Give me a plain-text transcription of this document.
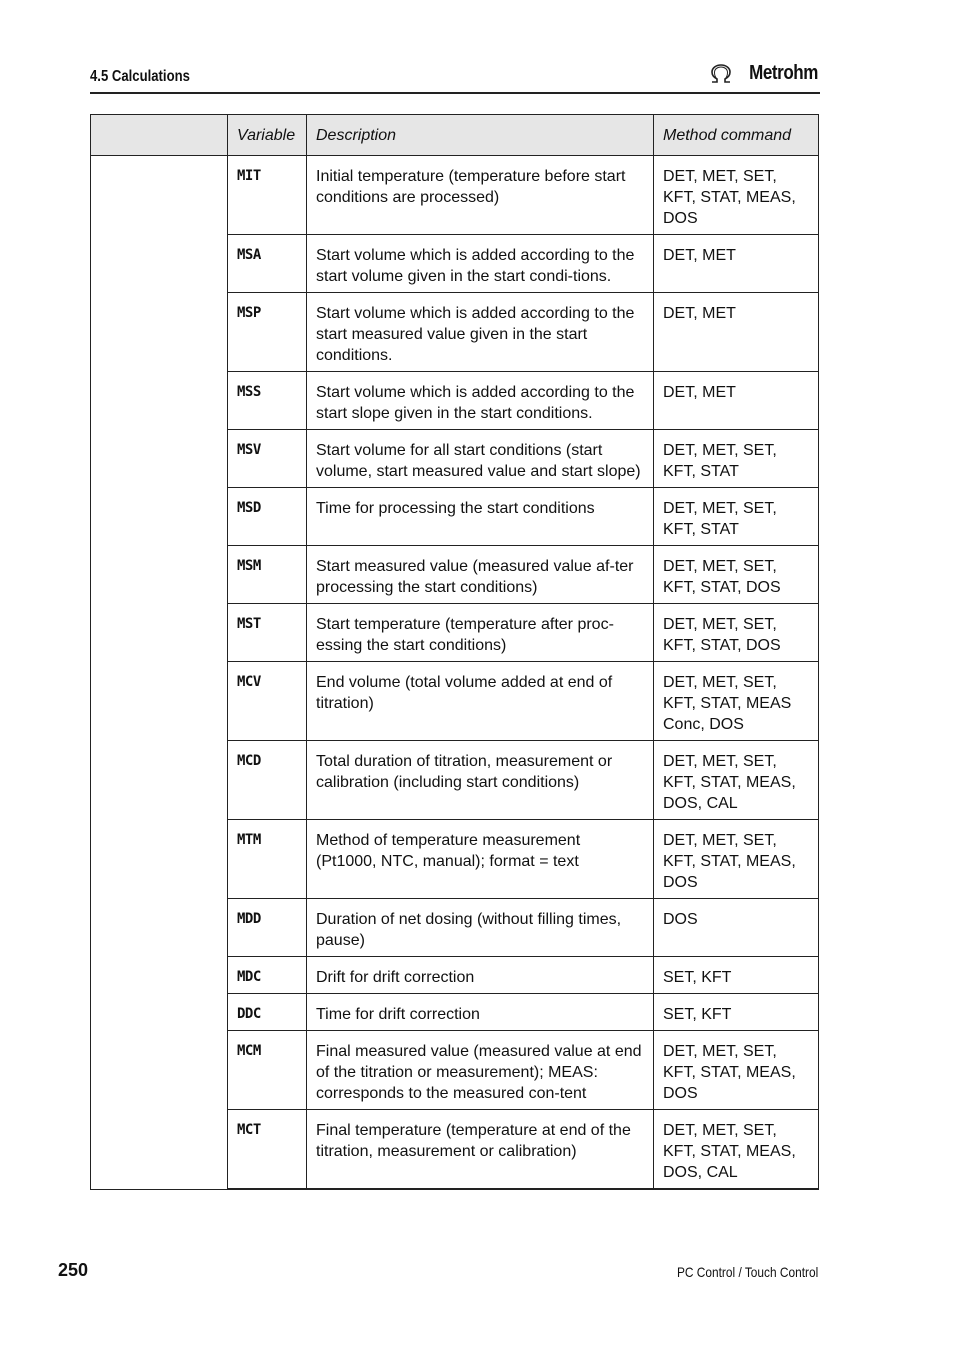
4.5 Calculations	Metrohm
	Variable	Description	Method command
	MIT	Initial temperature (temperature before start conditions are processed)	DET, MET, SET, KFT, STAT, MEAS, DOS
	MSA	Start volume which is added according to the start volume given in the start condi-tions.	DET, MET
	MSP	Start volume which is added according to the start measured value given in the start conditions.	DET, MET
	MSS	Start volume which is added according to the start slope given in the start conditions.	DET, MET
	MSV	Start volume for all start conditions (start volume, start measured value and start slope)	DET, MET, SET, KFT, STAT
	MSD	Time for processing the start conditions	DET, MET, SET, KFT, STAT
	MSM	Start measured value (measured value af-ter processing the start conditions)	DET, MET, SET, KFT, STAT, DOS
	MST	Start temperature (temperature after proc-essing the start conditions)	DET, MET, SET, KFT, STAT, DOS
	MCV	End volume (total volume added at end of titration)	DET, MET, SET, KFT, STAT, MEAS Conc, DOS
	MCD	Total duration of titration, measurement or calibration (including start conditions)	DET, MET, SET, KFT, STAT, MEAS, DOS, CAL
	MTM	Method of temperature measurement (Pt1000, NTC, manual); format = text	DET, MET, SET, KFT, STAT, MEAS, DOS
	MDD	Duration of net dosing (without filling times, pause)	DOS
	MDC	Drift for drift correction	SET, KFT
	DDC	Time for drift correction	SET, KFT
	MCM	Final measured value (measured value at end of the titration or measurement); MEAS: corresponds to the measured con-tent	DET, MET, SET, KFT, STAT, MEAS, DOS
	MCT	Final temperature (temperature at end of the titration, measurement or calibration)	DET, MET, SET, KFT, STAT, MEAS, DOS, CAL
250	PC Control / Touch Control
